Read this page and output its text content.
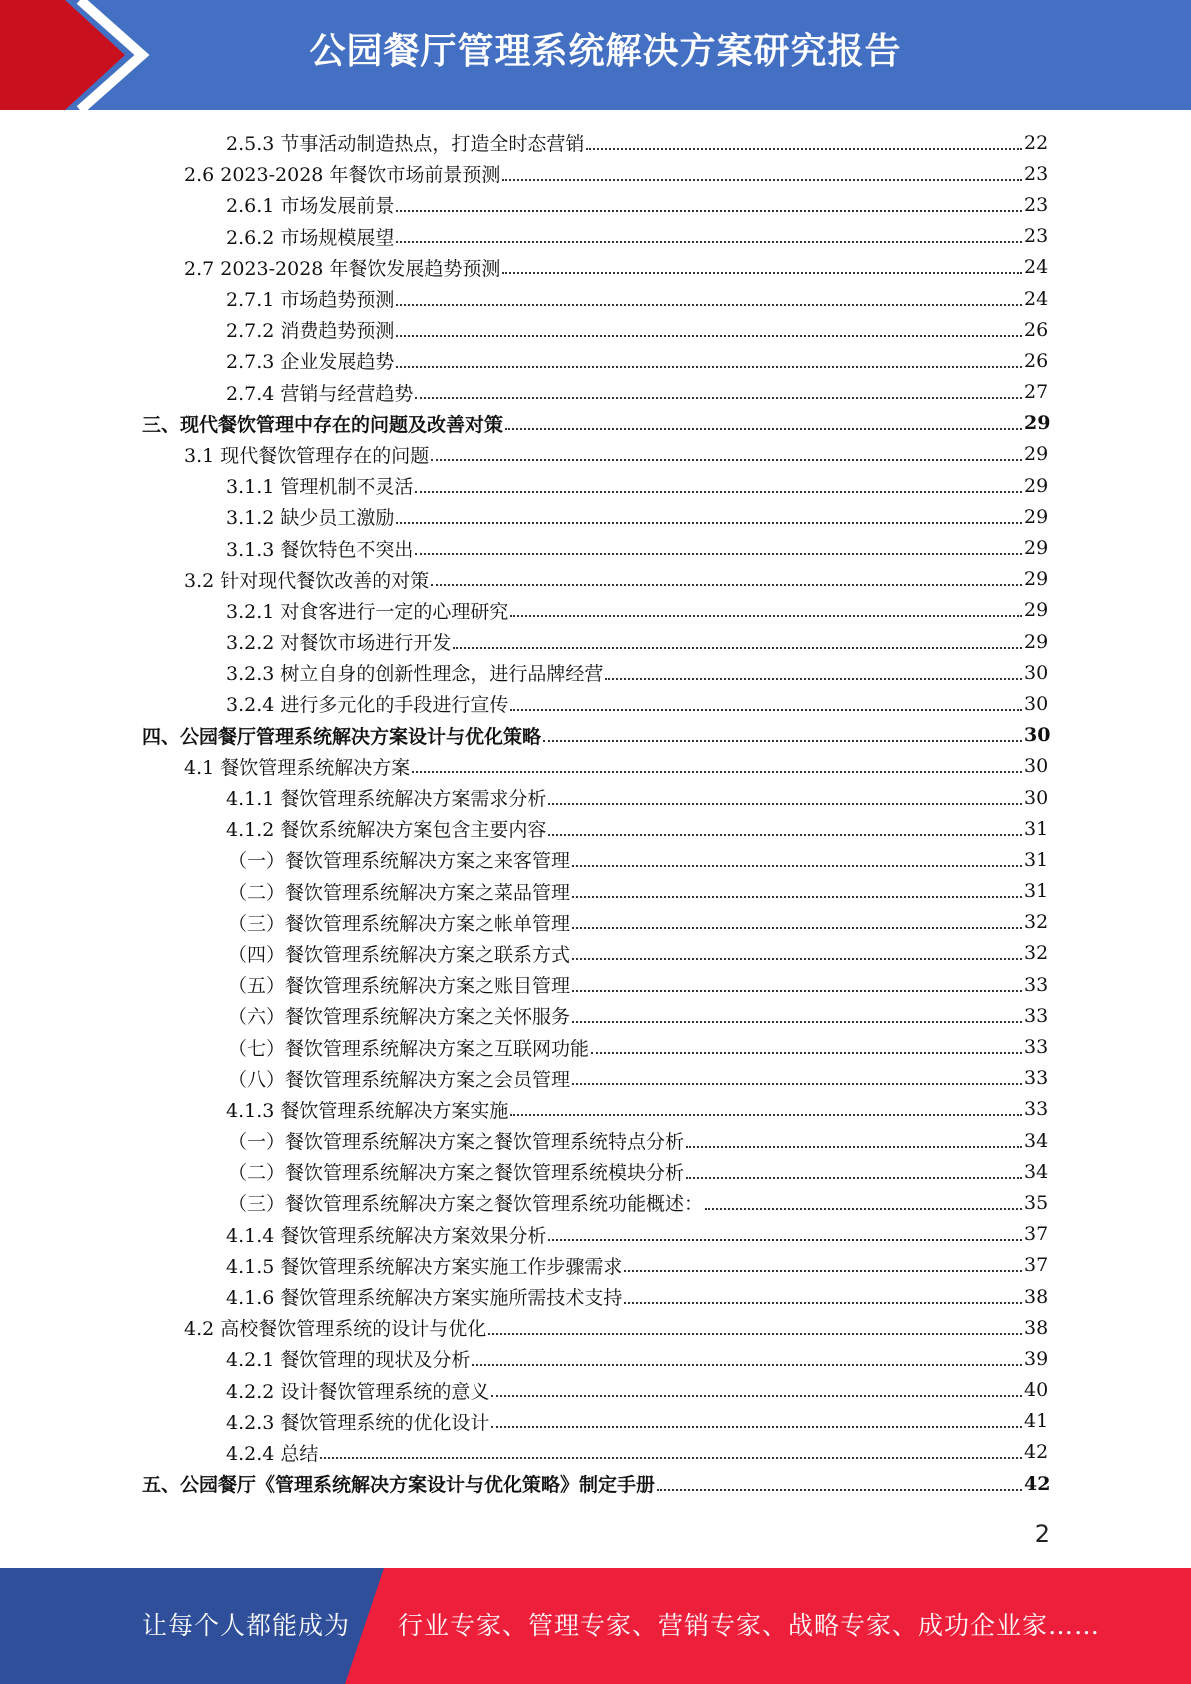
公园餐厅管理系统解决方案研究报告
2.5.3 节事活动制造热点，打造全时态营销	22
2.6 2023-2028 年餐饮市场前景预测	23
2.6.1 市场发展前景	23
2.6.2 市场规模展望	23
2.7 2023-2028 年餐饮发展趋势预测	24
2.7.1 市场趋势预测	24
2.7.2 消费趋势预测	26
2.7.3 企业发展趋势	26
2.7.4 营销与经营趋势	27
三、现代餐饮管理中存在的问题及改善对策	29
3.1 现代餐饮管理存在的问题	29
3.1.1 管理机制不灵活	29
3.1.2 缺少员工激励	29
3.1.3 餐饮特色不突出	29
3.2 针对现代餐饮改善的对策	29
3.2.1 对食客进行一定的心理研究	29
3.2.2 对餐饮市场进行开发	29
3.2.3 树立自身的创新性理念，进行品牌经营	30
3.2.4 进行多元化的手段进行宣传	30
四、公园餐厅管理系统解决方案设计与优化策略	30
4.1 餐饮管理系统解决方案	30
4.1.1 餐饮管理系统解决方案需求分析	30
4.1.2 餐饮系统解决方案包含主要内容	31
（一）餐饮管理系统解决方案之来客管理	31
（二）餐饮管理系统解决方案之菜品管理	31
（三）餐饮管理系统解决方案之帐单管理	32
（四）餐饮管理系统解决方案之联系方式	32
（五）餐饮管理系统解决方案之账目管理	33
（六）餐饮管理系统解决方案之关怀服务	33
（七）餐饮管理系统解决方案之互联网功能	33
（八）餐饮管理系统解决方案之会员管理	33
4.1.3 餐饮管理系统解决方案实施	33
（一）餐饮管理系统解决方案之餐饮管理系统特点分析	34
（二）餐饮管理系统解决方案之餐饮管理系统模块分析	34
（三）餐饮管理系统解决方案之餐饮管理系统功能概述：	35
4.1.4 餐饮管理系统解决方案效果分析	37
4.1.5 餐饮管理系统解决方案实施工作步骤需求	37
4.1.6 餐饮管理系统解决方案实施所需技术支持	38
4.2 高校餐饮管理系统的设计与优化	38
4.2.1 餐饮管理的现状及分析	39
4.2.2 设计餐饮管理系统的意义	40
4.2.3 餐饮管理系统的优化设计	41
4.2.4 总结	42
五、公园餐厅《管理系统解决方案设计与优化策略》制定手册	42
2
让每个人都能成为 行业专家、管理专家、营销专家、战略专家、成功企业家……
